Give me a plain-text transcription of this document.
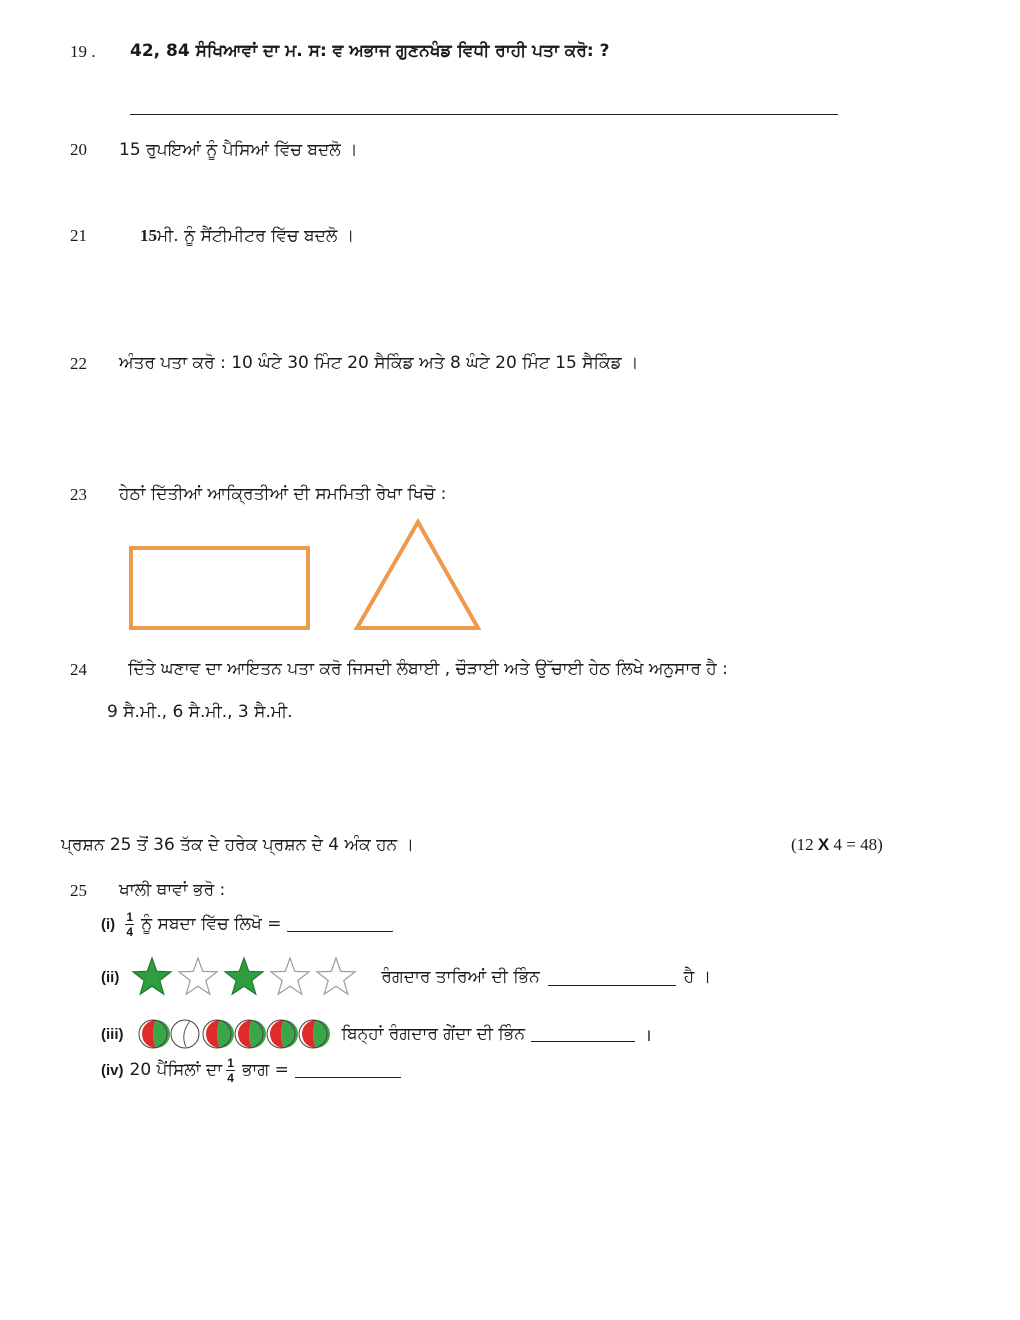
19 . 42, 84 ਸੰਖਿਆਵਾਂ ਦਾ ਮ. ਸ: ਵ ਅਭਾਜ ਗੁਣਨਖੰਡ ਵਿਧੀ ਰਾਹੀ ਪਤਾ ਕਰੋ: ?
20 15 ਰੁਪਇਆਂ ਨੂੰ ਪੈਸਿਆਂ ਵਿੱਚ ਬਦਲੋ ।
21	15ਮੀ. ਨੂੰ ਸੈਂਟੀਮੀਟਰ ਵਿੱਚ ਬਦਲੋ ।
22 ਅੰਤਰ ਪਤਾ ਕਰੋ : 10 ਘੰਟੇ 30 ਮਿੰਟ 20 ਸੈਕਿੰਡ ਅਤੇ 8 ਘੰਟੇ 20 ਮਿੰਟ 15 ਸੈਕਿੰਡ ।
23 ਹੇਠਾਂ ਦਿੱਤੀਆਂ ਆਕ੍ਰਿਤੀਆਂ ਦੀ ਸਮਮਿਤੀ ਰੇਖਾ ਖਿਚੋ :
24 ਦਿੱਤੇ ਘਣਾਵ ਦਾ ਆਇਤਨ ਪਤਾ ਕਰੋ ਜਿਸਦੀ ਲੰਬਾਈ , ਚੌੜਾਈ ਅਤੇ ਉੱਚਾਈ ਹੇਠ ਲਿਖੇ ਅਨੁਸਾਰ ਹੈ :
9 ਸੈ.ਮੀ., 6 ਸੈ.ਮੀ., 3 ਸੈ.ਮੀ.
ਪ੍ਰਸ਼ਨ 25 ਤੋਂ 36 ਤੱਕ ਦੇ ਹਰੇਕ ਪ੍ਰਸ਼ਨ ਦੇ 4 ਅੰਕ ਹਨ ।	(12 X 4 = 48)
25 ਖਾਲੀ ਥਾਵਾਂ ਭਰੋ :
$(i) \frac{1}{4}$ ਨੂੰ ਸਬਦਾ ਵਿੱਚ ਲਿਖੋ =
(ii)	ਰੰਗਦਾਰ ਤਾਰਿਆਂ ਦੀ ਭਿੰਨ	ਹੈ ।
(iii)	ਬਿਨ੍ਹਾਂ ਰੰਗਦਾਰ ਗੇਂਦਾ ਦੀ ਭਿੰਨ	।
(iv) 20 ਪੈਂਸਿਲਾਂ ਦਾ $\frac{1}{4}$ ਭਾਗ =
